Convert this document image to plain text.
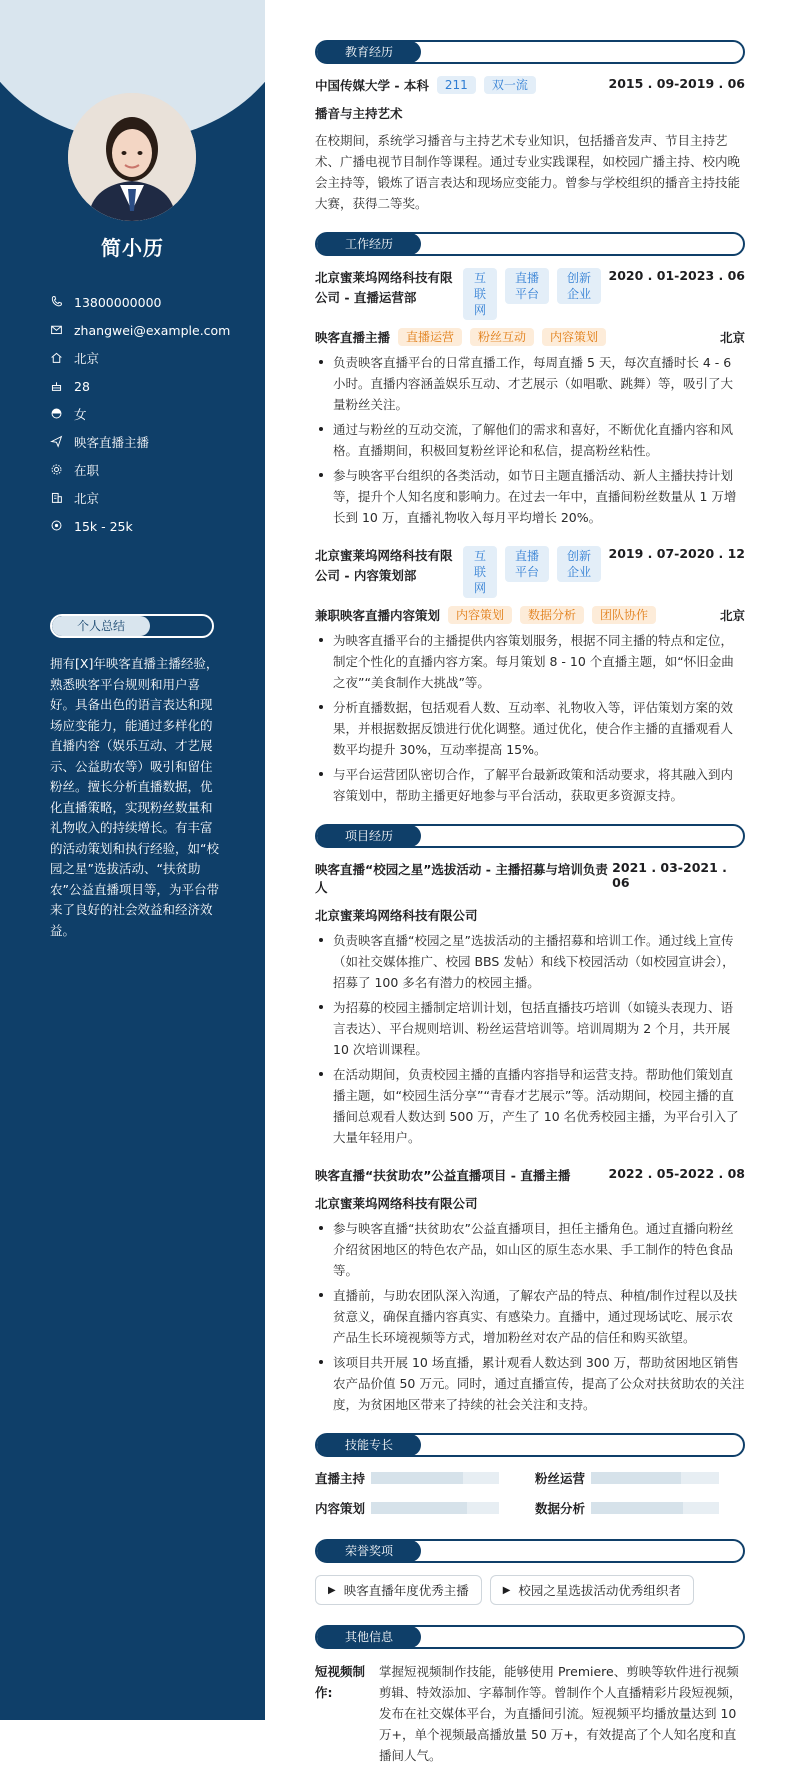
简小历
13800000000
zhangwei@example.com
北京
28
女
映客直播主播
在职
北京
15k - 25k
个人总结
拥有[X]年映客直播主播经验，熟悉映客平台规则和用户喜好。具备出色的语言表达和现场应变能力，能通过多样化的直播内容（娱乐互动、才艺展示、公益助农等）吸引和留住粉丝。擅长分析直播数据，优化直播策略，实现粉丝数量和礼物收入的持续增长。有丰富的活动策划和执行经验，如“校园之星”选拔活动、“扶贫助农”公益直播项目等，为平台带来了良好的社会效益和经济效益。
教育经历
中国传媒大学 - 本科	211	双一流	2015 . 09-2019 . 06
播音与主持艺术
在校期间，系统学习播音与主持艺术专业知识，包括播音发声、节目主持艺术、广播电视节目制作等课程。通过专业实践课程，如校园广播主持、校内晚会主持等，锻炼了语言表达和现场应变能力。曾参与学校组织的播音主持技能大赛，获得二等奖。
工作经历
北京蜜莱坞网络科技有限公司 - 直播运营部
互联网
直播平台
创新企业
2020 . 01-2023 . 06
映客直播主播	直播运营	粉丝互动	内容策划	北京
负责映客直播平台的日常直播工作，每周直播 5 天，每次直播时长 4 - 6 小时。直播内容涵盖娱乐互动、才艺展示（如唱歌、跳舞）等，吸引了大量粉丝关注。
通过与粉丝的互动交流，了解他们的需求和喜好，不断优化直播内容和风格。直播期间，积极回复粉丝评论和私信，提高粉丝粘性。
参与映客平台组织的各类活动，如节日主题直播活动、新人主播扶持计划等，提升个人知名度和影响力。在过去一年中，直播间粉丝数量从 1 万增长到 10 万，直播礼物收入每月平均增长 20%。
北京蜜莱坞网络科技有限公司 - 内容策划部
互联网
直播平台
创新企业
2019 . 07-2020 . 12
兼职映客直播内容策划	内容策划	数据分析	团队协作	北京
为映客直播平台的主播提供内容策划服务，根据不同主播的特点和定位，制定个性化的直播内容方案。每月策划 8 - 10 个直播主题，如“怀旧金曲之夜”“美食制作大挑战”等。
分析直播数据，包括观看人数、互动率、礼物收入等，评估策划方案的效果，并根据数据反馈进行优化调整。通过优化，使合作主播的直播观看人数平均提升 30%，互动率提高 15%。
与平台运营团队密切合作，了解平台最新政策和活动要求，将其融入到内容策划中，帮助主播更好地参与平台活动，获取更多资源支持。
项目经历
映客直播“校园之星”选拔活动 - 主播招募与培训负责人
2021 . 03-2021 . 06
北京蜜莱坞网络科技有限公司
负责映客直播“校园之星”选拔活动的主播招募和培训工作。通过线上宣传（如社交媒体推广、校园 BBS 发帖）和线下校园活动（如校园宣讲会），招募了 100 多名有潜力的校园主播。
为招募的校园主播制定培训计划，包括直播技巧培训（如镜头表现力、语言表达）、平台规则培训、粉丝运营培训等。培训周期为 2 个月，共开展 10 次培训课程。
在活动期间，负责校园主播的直播内容指导和运营支持。帮助他们策划直播主题，如“校园生活分享”“青春才艺展示”等。活动期间，校园主播的直播间总观看人数达到 500 万，产生了 10 名优秀校园主播，为平台引入了大量年轻用户。
映客直播“扶贫助农”公益直播项目 - 直播主播	2022 . 05-2022 . 08
北京蜜莱坞网络科技有限公司
参与映客直播“扶贫助农”公益直播项目，担任主播角色。通过直播向粉丝介绍贫困地区的特色农产品，如山区的原生态水果、手工制作的特色食品等。
直播前，与助农团队深入沟通，了解农产品的特点、种植/制作过程以及扶贫意义，确保直播内容真实、有感染力。直播中，通过现场试吃、展示农产品生长环境视频等方式，增加粉丝对农产品的信任和购买欲望。
该项目共开展 10 场直播，累计观看人数达到 300 万，帮助贫困地区销售农产品价值 50 万元。同时，通过直播宣传，提高了公众对扶贫助农的关注度，为贫困地区带来了持续的社会关注和支持。
技能专长
直播主持	粉丝运营
内容策划	数据分析
荣誉奖项
▶ 映客直播年度优秀主播	▶ 校园之星选拔活动优秀组织者
其他信息
短视频制作:
掌握短视频制作技能，能够使用 Premiere、剪映等软件进行视频剪辑、特效添加、字幕制作等。曾制作个人直播精彩片段短视频，发布在社交媒体平台，为直播间引流。短视频平均播放量达到 10 万+，单个视频最高播放量 50 万+，有效提高了个人知名度和直播间人气。
